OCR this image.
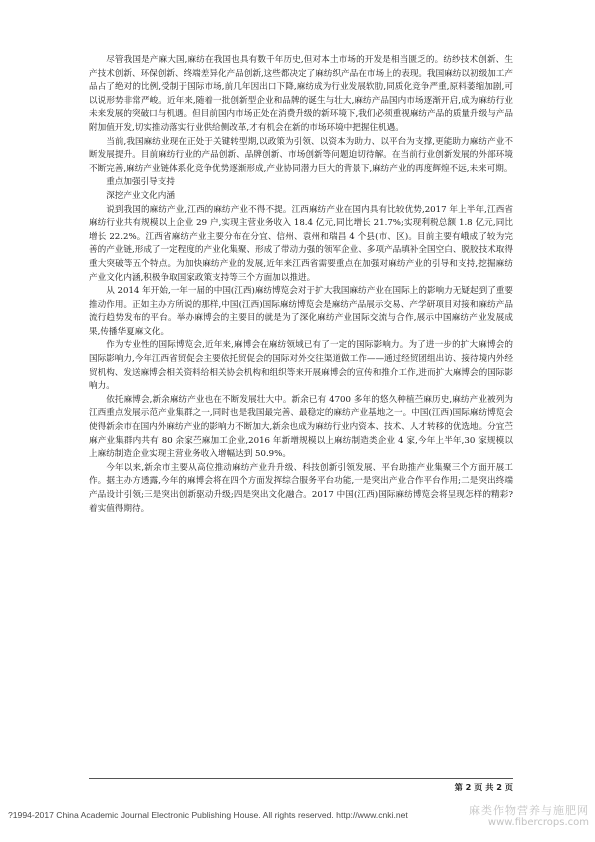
尽管我国是产麻大国,麻纺在我国也具有数千年历史,但对本土市场的开发是相当匮乏的。纺纱技术创新、生产技术创新、环保创新、终端差异化产品创新,这些都决定了麻纺织产品在市场上的表现。我国麻纺以初级加工产品占了绝对的比例,受制于国际市场,前几年因出口下降,麻纺成为行业发展软肋,同质化竞争严重,原料萎缩加剧,可以说形势非常严峻。近年来,随着一批创新型企业和品牌的诞生与壮大,麻纺产品国内市场逐渐开启,成为麻纺行业未来发展的突破口与机遇。但目前国内市场正处在消费升级的新环境下,我们必须重视麻纺产品的质量升级与产品附加值开发,切实推动落实行业供给侧改革,才有机会在新的市场环境中把握住机遇。

当前,我国麻纺业现在正处于关键转型期,以政策为引领、以资本为助力、以平台为支撑,更能助力麻纺产业不断发展提升。目前麻纺行业的产品创新、品牌创新、市场创新等问题迫切待解。在当前行业创新发展的外部环境不断完善,麻纺产业链体系化竞争优势逐渐形成,产业协同潜力巨大的背景下,麻纺产业的再度辉煌不远,未来可期。

重点加强引导支持

深挖产业文化内涵

说到我国的麻纺产业,江西的麻纺产业不得不提。江西麻纺产业在国内具有比较优势,2017 年上半年,江西省麻纺行业共有规模以上企业 29 户,实现主营业务收入 18.4 亿元,同比增长 21.7%;实现利税总额 1.8 亿元,同比增长 22.2%。江西省麻纺产业主要分布在分宜、信州、袁州和瑞昌 4 个县(市、区)。目前主要有峨成了较为完善的产业链,形成了一定程度的产业化集聚、形成了带动力强的领军企业、多项产品填补全国空白、脱胶技术取得重大突破等五个特点。为加快麻纺产业的发展,近年来江西省需要重点在加强对麻纺产业的引导和支持,挖掘麻纺产业文化内涵,积极争取国家政策支持等三个方面加以推进。

从 2014 年开始,一年一届的中国(江西)麻纺博览会对于扩大我国麻纺产业在国际上的影响力无疑起到了重要推动作用。正如主办方所说的那样,中国(江西)国际麻纺博览会是麻纺产品展示交易、产学研项目对接和麻纺产品流行趋势发布的平台。举办麻博会的主要目的就是为了深化麻纺产业国际交流与合作,展示中国麻纺产业发展成果,传播华夏麻文化。

作为专业性的国际博览会,近年来,麻博会在麻纺领域已有了一定的国际影响力。为了进一步的扩大麻博会的国际影响力,今年江西省贸促会主要依托贸促会的国际对外交往渠道做工作——通过经贸团组出访、接待境内外经贸机构、发送麻博会相关资料给相关协会机构和组织等来开展麻博会的宣传和推介工作,进而扩大麻博会的国际影响力。

依托麻博会,新余麻纺产业也在不断发展壮大中。新余已有 4700 多年的悠久种植苎麻历史,麻纺产业被列为江西重点发展示范产业集群之一,同时也是我国最完善、最稳定的麻纺产业基地之一。中国(江西)国际麻纺博览会使得新余市在国内外麻纺产业的影响力不断加大,新余也成为麻纺行业内资本、技术、人才转移的优选地。分宜苎麻产业集群内共有 80 余家苎麻加工企业,2016 年新增规模以上麻纺制造类企业 4 家,今年上半年,30 家规模以上麻纺制造企业实现主营业务收入增幅达到 50.9%。

今年以来,新余市主要从高位推动麻纺产业升升级、科技创新引领发展、平台助推产业集聚三个方面开展工作。据主办方透露,今年的麻博会将在四个方面发挥综合服务平台功能,一是突出产业合作平台作用;二是突出终端产品设计引领;三是突出创新驱动升级;四是突出文化融合。2017 中国(江西)国际麻纺博览会将呈现怎样的精彩?着实值得期待。

第 2 页 共 2 页
?1994-2017 China Academic Journal Electronic Publishing House. All rights reserved. http://www.cnki.net	麻类作物营养与施肥网
www.fibercrops.com
